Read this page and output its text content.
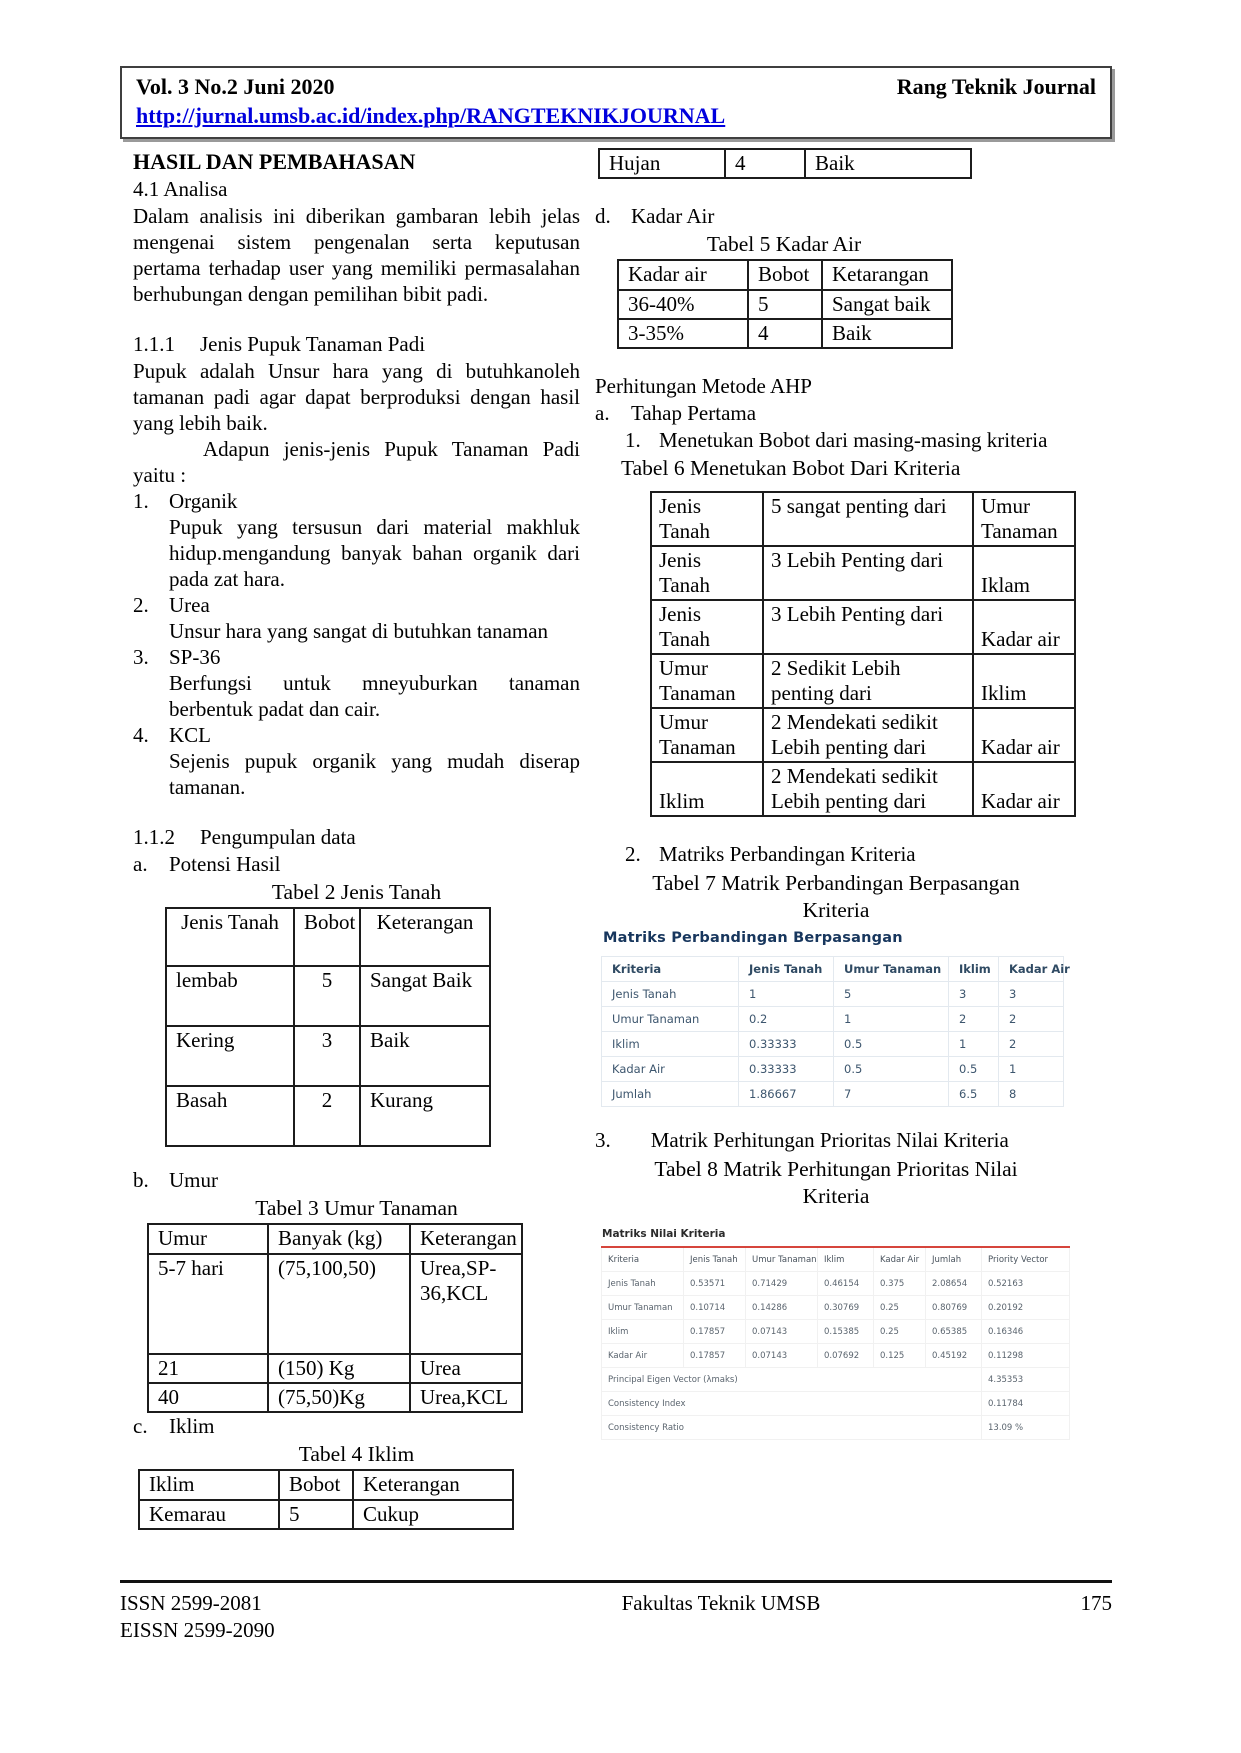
Vol. 3 No.2 Juni 2020	Rang Teknik Journal
http://jurnal.umsb.ac.id/index.php/RANGTEKNIKJOURNAL
HASIL DAN PEMBAHASAN
4.1 Analisa
Dalam analisis ini diberikan gambaran lebih jelas mengenai sistem pengenalan serta keputusan pertama terhadap user yang memiliki permasalahan berhubungan dengan pemilihan bibit padi.
1.1.1	Jenis Pupuk Tanaman Padi
Pupuk adalah Unsur hara yang di butuhkanoleh tamanan padi agar dapat berproduksi dengan hasil yang lebih baik.
Adapun jenis-jenis Pupuk Tanaman Padi yaitu :
1. Organik
Pupuk yang tersusun dari material makhluk hidup.mengandung banyak bahan organik dari pada zat hara.
2. Urea
Unsur hara yang sangat di butuhkan tanaman
3. SP-36
Berfungsi untuk mneyuburkan tanaman berbentuk padat dan cair.
4. KCL
Sejenis pupuk organik yang mudah diserap tamanan.
1.1.2	Pengumpulan data
a.	Potensi Hasil
Tabel 2 Jenis Tanah
Jenis Tanah	Bobot	Keterangan
lembab	5	Sangat Baik
Kering	3	Baik
Basah	2	Kurang
b. Umur
Tabel 3 Umur Tanaman
Umur	Banyak (kg)	Keterangan
5-7 hari	(75,100,50)	Urea,SP-36,KCL
21	(150) Kg	Urea
40	(75,50)Kg	Urea,KCL
c.	Iklim
Tabel 4 Iklim
Iklim	Bobot	Keterangan
Kemarau	5	Cukup
Hujan	4	Baik
d. Kadar Air
Tabel 5 Kadar Air
Kadar air	Bobot	Ketarangan
36-40%	5	Sangat baik
3-35%	4	Baik
Perhitungan Metode AHP
a.	Tahap Pertama
1. Menetukan Bobot dari masing-masing kriteria
Tabel 6 Menetukan Bobot Dari Kriteria
Jenis Tanah	5 sangat penting dari	Umur Tanaman
Jenis Tanah	3 Lebih Penting dari	Iklam
Jenis Tanah	3 Lebih Penting dari	Kadar air
Umur Tanaman	2 Sedikit Lebih penting dari	Iklim
Umur Tanaman	2 Mendekati sedikit Lebih penting dari	Kadar air
Iklim	2 Mendekati sedikit Lebih penting dari	Kadar air
2. Matriks Perbandingan Kriteria
Tabel 7 Matrik Perbandingan Berpasangan Kriteria
Matriks Perbandingan Berpasangan
Kriteria	Jenis Tanah	Umur Tanaman	Iklim	Kadar Air
Jenis Tanah	1	5	3	3
Umur Tanaman	0.2	1	2	2
Iklim	0.33333	0.5	1	2
Kadar Air	0.33333	0.5	0.5	1
Jumlah	1.86667	7	6.5	8
3. Matrik Perhitungan Prioritas Nilai Kriteria
Tabel 8 Matrik Perhitungan Prioritas Nilai Kriteria
Matriks Nilai Kriteria
Kriteria	Jenis Tanah	Umur Tanaman	Iklim	Kadar Air	Jumlah	Priority Vector
Jenis Tanah	0.53571	0.71429	0.46154	0.375	2.08654	0.52163
Umur Tanaman	0.10714	0.14286	0.30769	0.25	0.80769	0.20192
Iklim	0.17857	0.07143	0.15385	0.25	0.65385	0.16346
Kadar Air	0.17857	0.07143	0.07692	0.125	0.45192	0.11298
Principal Eigen Vector (λmaks)						4.35353
Consistency Index						0.11784
Consistency Ratio						13.09 %
ISSN 2599-2081
EISSN 2599-2090
Fakultas Teknik UMSB	175
